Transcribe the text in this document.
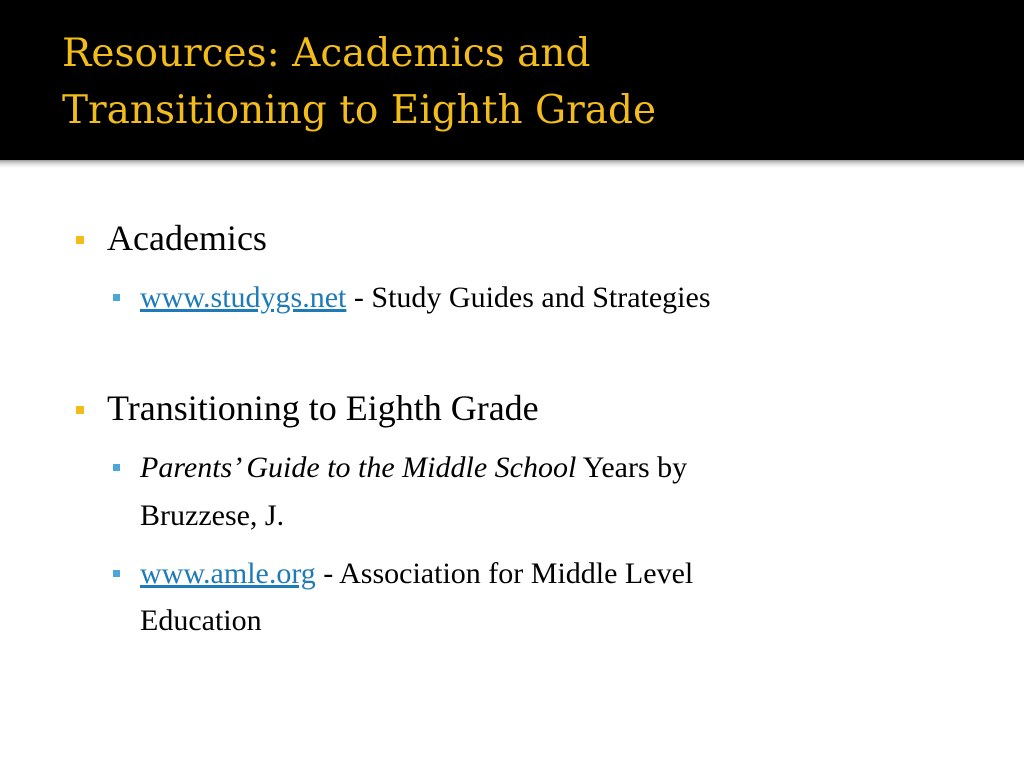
Resources: Academics and
Transitioning to Eighth Grade
Academics
www.studygs.net - Study Guides and Strategies
Transitioning to Eighth Grade
Parents’ Guide to the Middle School Years by
Bruzzese, J.
www.amle.org - Association for Middle Level
Education
